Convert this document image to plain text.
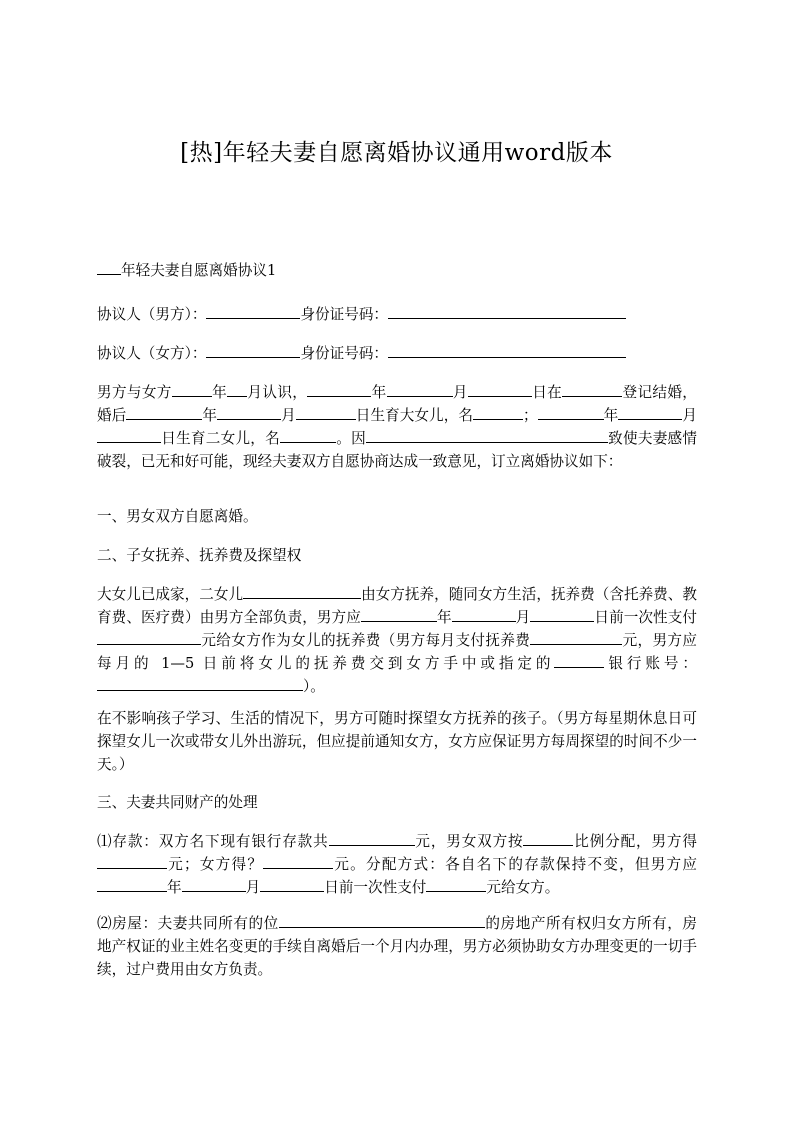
[热]年轻夫妻自愿离婚协议通用word版本
年轻夫妻自愿离婚协议1
协议人（男方）：	身份证号码：
协议人（女方）：	身份证号码：
男方与女方	年 月认识，	年	月	日在	登记结婚，婚后	年	月	日生育大女儿，名	；	年	月日生育二女儿，名	。因	致使夫妻感情破裂，已无和好可能，现经夫妻双方自愿协商达成一致意见，订立离婚协议如下：
一、男女双方自愿离婚。
二、子女抚养、抚养费及探望权
大女儿已成家，二女儿	由女方抚养，随同女方生活，抚养费（含托养费、教育费、医疗费）由男方全部负责，男方应	年	月	日前一次性支付元给女方作为女儿的抚养费（男方每月支付抚养费	元，男方应每月的 1—5 日前将女儿的抚养费交到女方手中或指定的	银行账号：）。
在不影响孩子学习、生活的情况下，男方可随时探望女方抚养的孩子。（男方每星期休息日可探望女儿一次或带女儿外出游玩，但应提前通知女方，女方应保证男方每周探望的时间不少一天。）
三、夫妻共同财产的处理
⑴存款：双方名下现有银行存款共	元，男女双方按	比例分配，男方得元；女方得？	元。分配方式：各自名下的存款保持不变，但男方应年	月	日前一次性支付	元给女方。
⑵房屋：夫妻共同所有的位	的房地产所有权归女方所有，房地产权证的业主姓名变更的手续自离婚后一个月内办理，男方必须协助女方办理变更的一切手续，过户费用由女方负责。
